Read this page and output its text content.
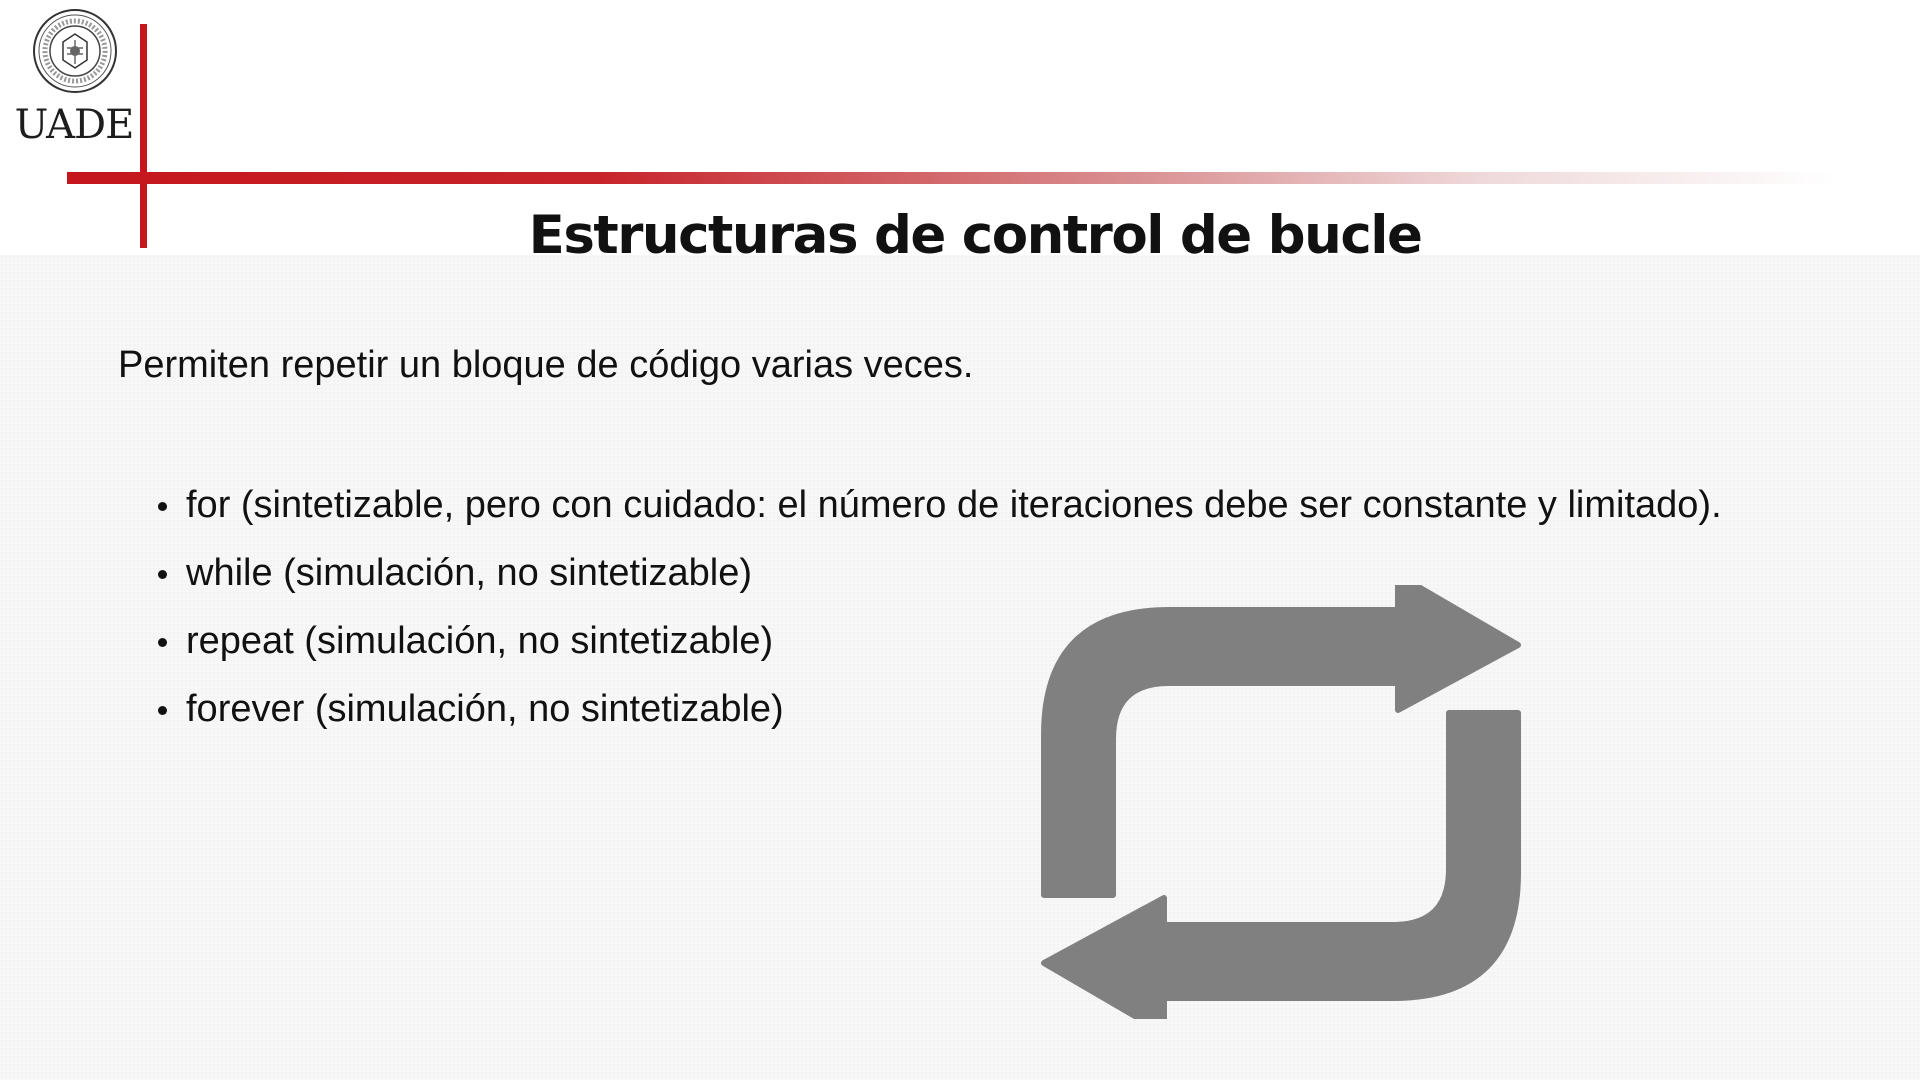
UADE
Estructuras de control de bucle

Permiten repetir un bloque de código varias veces.

for (sintetizable, pero con cuidado: el número de iteraciones debe ser constante y limitado).
while (simulación, no sintetizable)
repeat (simulación, no sintetizable)
forever (simulación, no sintetizable)
